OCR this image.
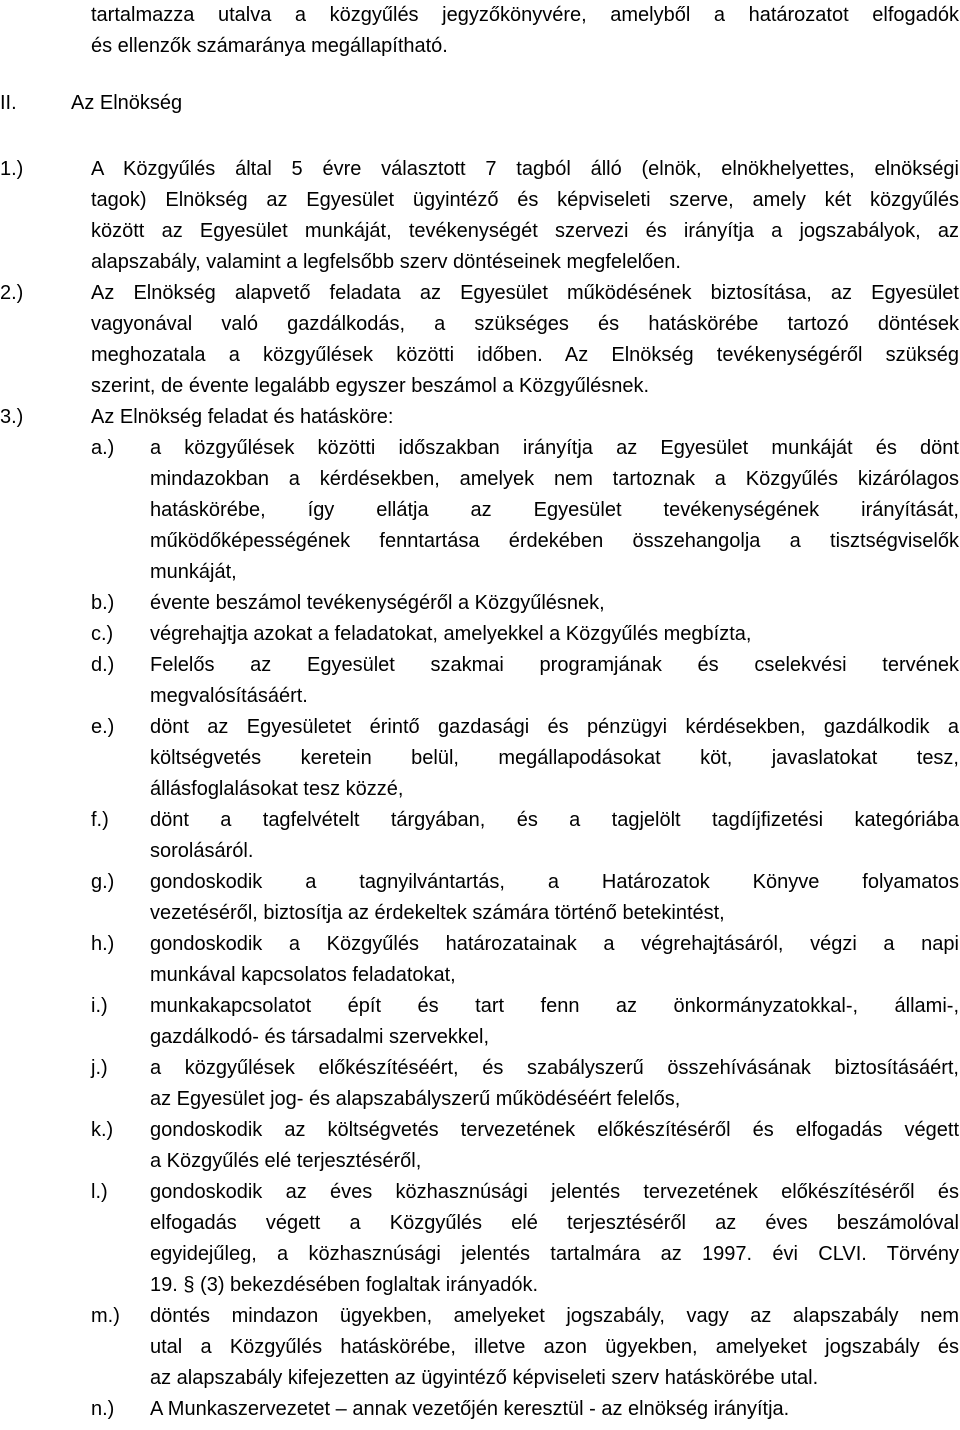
tartalmazza utalva a közgyűlés jegyzőkönyvére, amelyből a határozatot elfogadók
és ellenzők számaránya megállapítható.
II.	Az Elnökség
1.)	A Közgyűlés által 5 évre választott 7 tagból álló (elnök, elnökhelyettes, elnökségi
tagok) Elnökség az Egyesület ügyintéző és képviseleti szerve, amely két közgyűlés
között az Egyesület munkáját, tevékenységét szervezi és irányítja a jogszabályok, az
alapszabály, valamint a legfelsőbb szerv döntéseinek megfelelően.
2.)	Az Elnökség alapvető feladata az Egyesület működésének biztosítása, az Egyesület
vagyonával való gazdálkodás, a szükséges és hatáskörébe tartozó döntések
meghozatala a közgyűlések közötti időben. Az Elnökség tevékenységéről szükség
szerint, de évente legalább egyszer beszámol a Közgyűlésnek.
3.)	Az Elnökség feladat és hatásköre:
a.) a közgyűlések közötti időszakban irányítja az Egyesület munkáját és dönt
mindazokban a kérdésekben, amelyek nem tartoznak a Közgyűlés kizárólagos
hatáskörébe, így ellátja az Egyesület tevékenységének irányítását,
működőképességének fenntartása érdekében összehangolja a tisztségviselők
munkáját,
b.) évente beszámol tevékenységéről a Közgyűlésnek,
c.) végrehajtja azokat a feladatokat, amelyekkel a Közgyűlés megbízta,
d.) Felelős az Egyesület szakmai programjának és cselekvési tervének
megvalósításáért.
e.) dönt az Egyesületet érintő gazdasági és pénzügyi kérdésekben, gazdálkodik a
költségvetés keretein belül, megállapodásokat köt, javaslatokat tesz,
állásfoglalásokat tesz közzé,
f.) dönt a tagfelvételt tárgyában, és a tagjelölt tagdíjfizetési kategóriába
sorolásáról.
g.) gondoskodik a tagnyilvántartás, a Határozatok Könyve folyamatos
vezetéséről, biztosítja az érdekeltek számára történő betekintést,
h.) gondoskodik a Közgyűlés határozatainak a végrehajtásáról, végzi a napi
munkával kapcsolatos feladatokat,
i.) munkakapcsolatot épít és tart fenn az önkormányzatokkal-, állami-,
gazdálkodó- és társadalmi szervekkel,
j.) a közgyűlések előkészítéséért, és szabályszerű összehívásának biztosításáért,
az Egyesület jog- és alapszabályszerű működéséért felelős,
k.) gondoskodik az költségvetés tervezetének előkészítéséről és elfogadás végett
a Közgyűlés elé terjesztéséről,
l.) gondoskodik az éves közhasznúsági jelentés tervezetének előkészítéséről és
elfogadás végett a Közgyűlés elé terjesztéséről az éves beszámolóval
egyidejűleg, a közhasznúsági jelentés tartalmára az 1997. évi CLVI. Törvény
19. § (3) bekezdésében foglaltak irányadók.
m.) döntés mindazon ügyekben, amelyeket jogszabály, vagy az alapszabály nem
utal a Közgyűlés hatáskörébe, illetve azon ügyekben, amelyeket jogszabály és
az alapszabály kifejezetten az ügyintéző képviseleti szerv hatáskörébe utal.
n.) A Munkaszervezetet – annak vezetőjén keresztül - az elnökség irányítja.
